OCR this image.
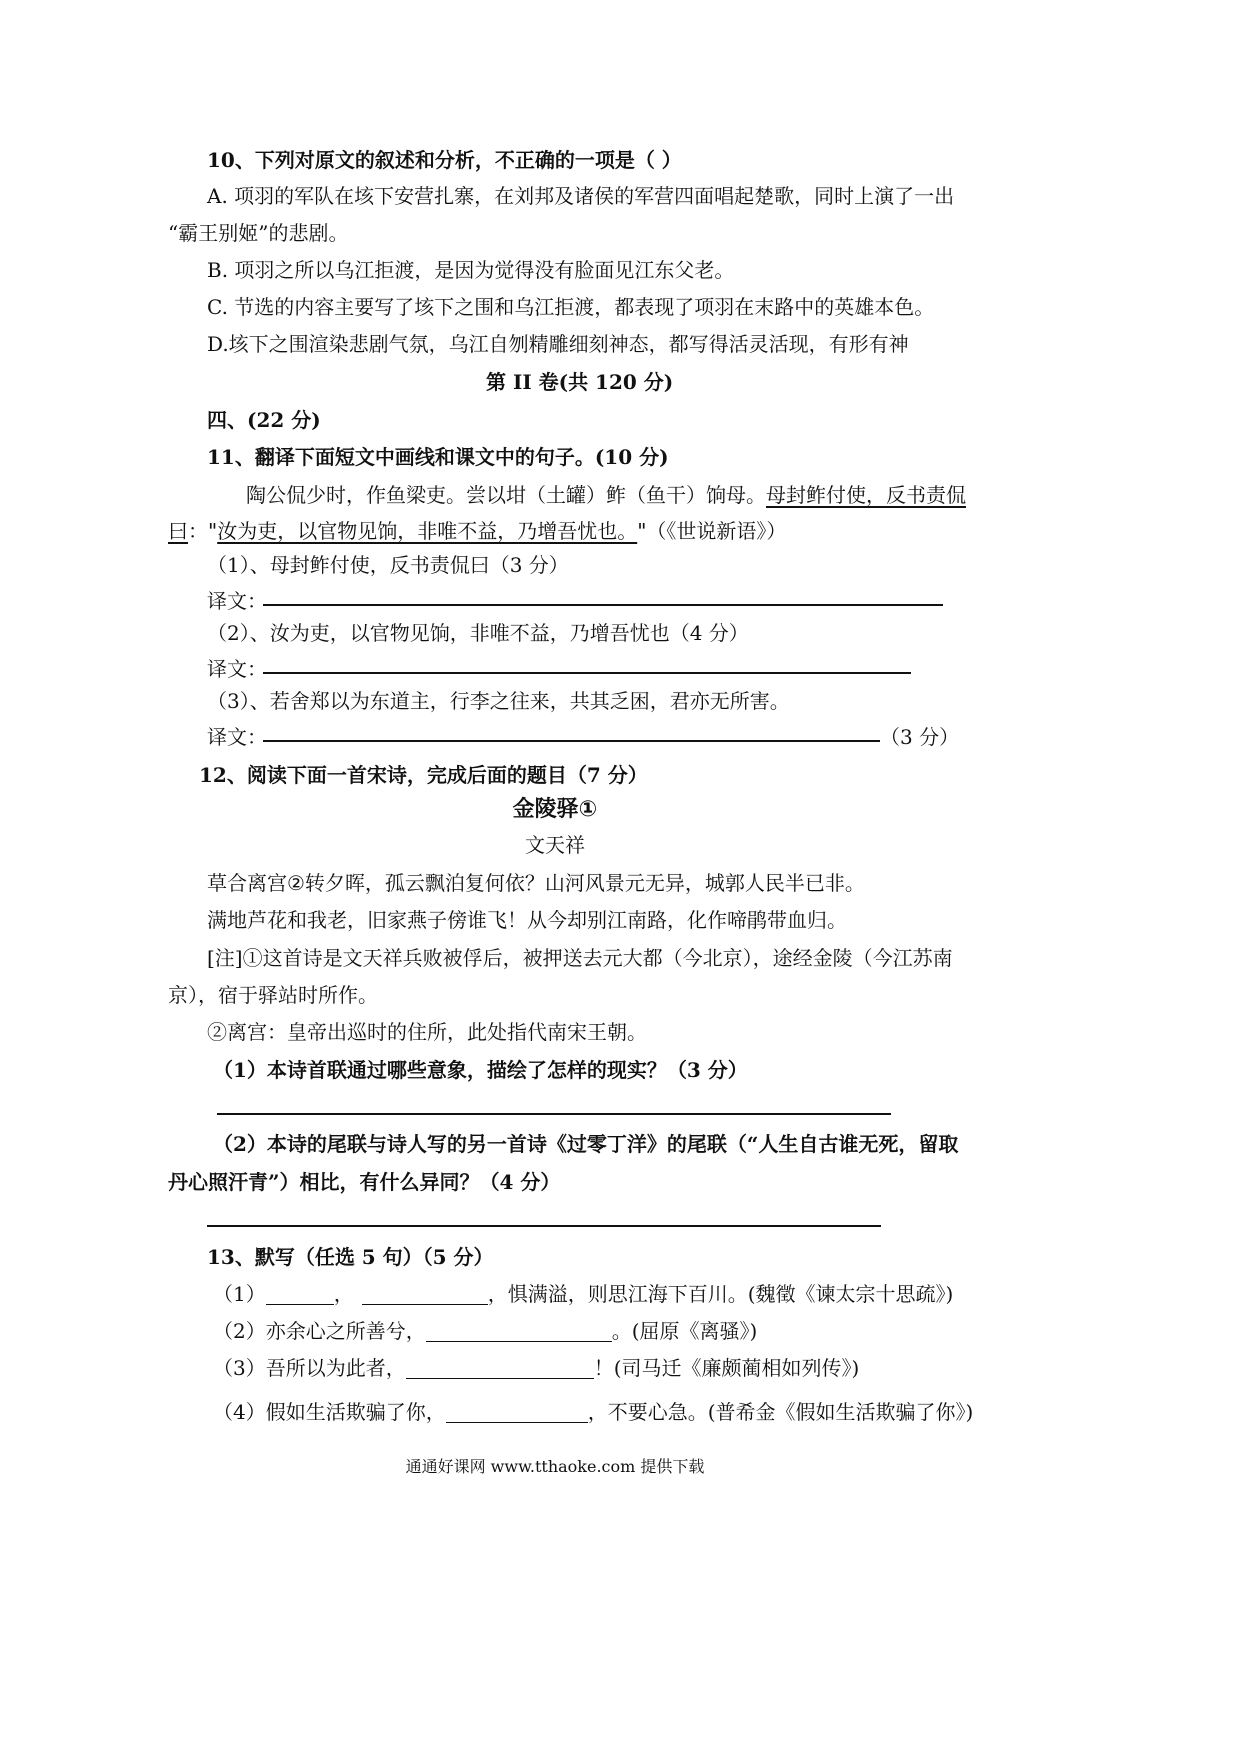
10、下列对原文的叙述和分析，不正确的一项是（ ）
A. 项羽的军队在垓下安营扎寨，在刘邦及诸侯的军营四面唱起楚歌，同时上演了一出
“霸王别姬”的悲剧。
B. 项羽之所以乌江拒渡，是因为觉得没有脸面见江东父老。
C. 节选的内容主要写了垓下之围和乌江拒渡，都表现了项羽在末路中的英雄本色。
D.垓下之围渲染悲剧气氛，乌江自刎精雕细刻神态，都写得活灵活现，有形有神
第 II 卷(共 120 分)
四、(22 分)
11、翻译下面短文中画线和课文中的句子。(10 分)
陶公侃少时，作鱼梁吏。尝以坩（土罐）鲊（鱼干）饷母。母封鲊付使，反书责侃
曰："汝为吏，以官物见饷，非唯不益，乃增吾忧也。"（《世说新语》）
（1）、母封鲊付使，反书责侃曰（3 分）
译文：
（2）、汝为吏，以官物见饷，非唯不益，乃增吾忧也（4 分）
译文：
（3）、若舍郑以为东道主，行李之往来，共其乏困，君亦无所害。
译文：	（3 分）
12、阅读下面一首宋诗，完成后面的题目（7 分）
金陵驿①
文天祥
草合离宫②转夕晖，孤云飘泊复何依？山河风景元无异，城郭人民半已非。
满地芦花和我老，旧家燕子傍谁飞！从今却别江南路，化作啼鹃带血归。
[注]①这首诗是文天祥兵败被俘后，被押送去元大都（今北京），途经金陵（今江苏南
京），宿于驿站时所作。
②离宫：皇帝出巡时的住所，此处指代南宋王朝。
（1）本诗首联通过哪些意象，描绘了怎样的现实？（3 分）
（2）本诗的尾联与诗人写的另一首诗《过零丁洋》的尾联（“人生自古谁无死，留取
丹心照汗青”）相比，有什么异同？（4 分）
13、默写（任选 5 句）（5 分）
（1）	，	，惧满溢，则思江海下百川。(魏徵《谏太宗十思疏》)
（2）亦余心之所善兮，	。(屈原《离骚》)
（3）吾所以为此者，	！(司马迁《廉颇蔺相如列传》)
（4）假如生活欺骗了你，	，不要心急。(普希金《假如生活欺骗了你》)
通通好课网 www.tthaoke.com 提供下载
